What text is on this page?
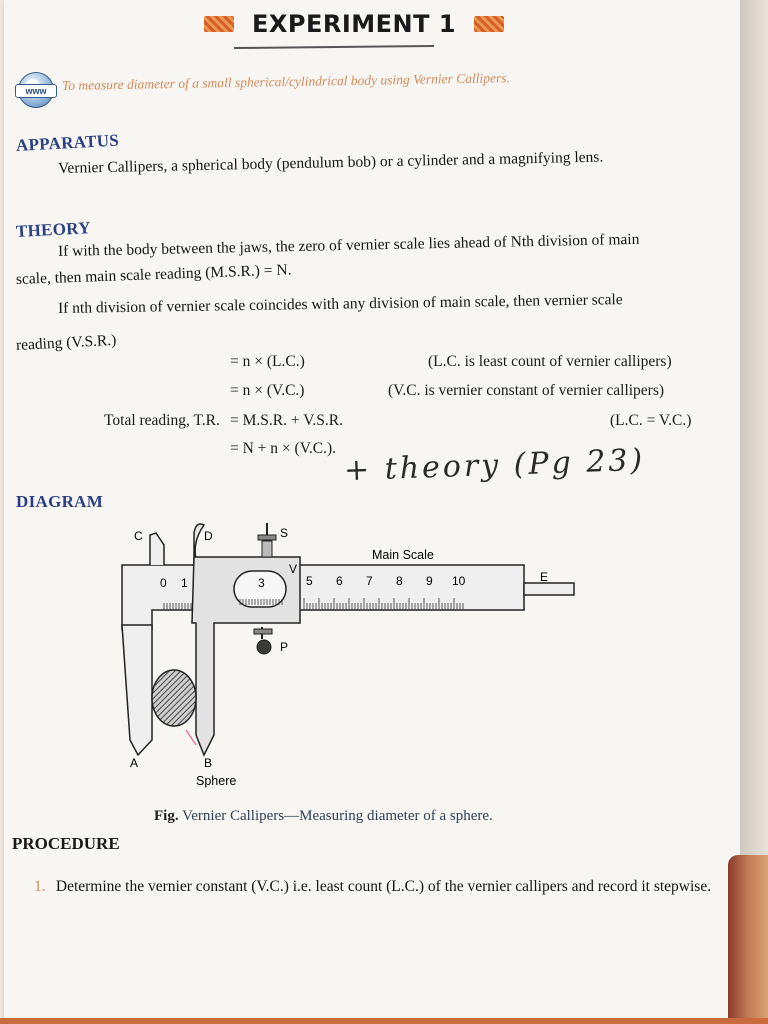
EXPERIMENT 1
www	To measure diameter of a small spherical/cylindrical body using Vernier Callipers.
APPARATUS
Vernier Callipers, a spherical body (pendulum bob) or a cylinder and a magnifying lens.
THEORY
If with the body between the jaws, the zero of vernier scale lies ahead of Nth division of main
scale, then main scale reading (M.S.R.) = N.
If nth division of vernier scale coincides with any division of main scale, then vernier scale
reading (V.S.R.)
= n × (L.C.)	(L.C. is least count of vernier callipers)
= n × (V.C.)	(V.C. is vernier constant of vernier callipers)
Total reading, T.R. = M.S.R. + V.S.R.	(L.C. = V.C.)
= N + n × (V.C.). + theory (Pg 23)
DIAGRAM
C	D	S
V
P
E
A	B
Main Scale
Sphere
0 1	5 6 7 8 9 10
3
Fig. Vernier Callipers—Measuring diameter of a sphere.
PROCEDURE
1. Determine the vernier constant (V.C.) i.e. least count (L.C.) of the vernier callipers and record it stepwise.
